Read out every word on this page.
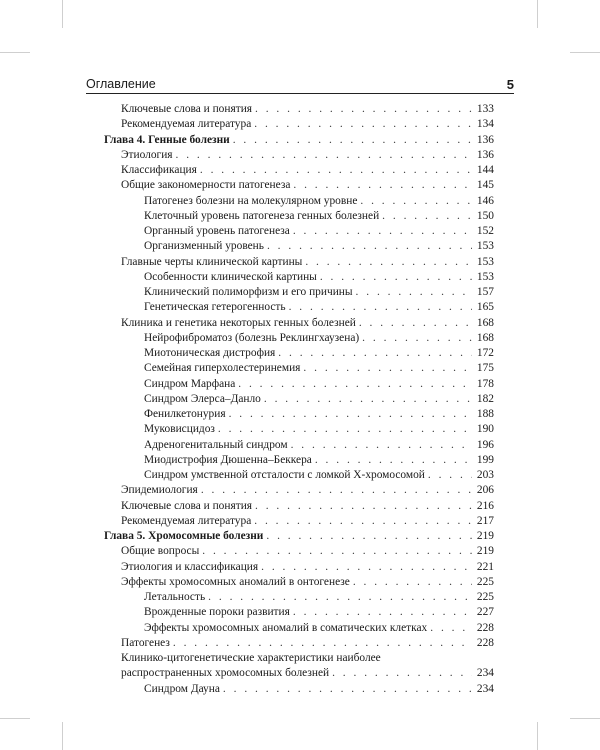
Оглавление	5
Ключевые слова и понятия . . .	133
Рекомендуемая литература . . .	134
Глава 4. Генные болезни . . .	136
Этиология . . .	136
Классификация . . .	144
Общие закономерности патогенеза . . .	145
Патогенез болезни на молекулярном уровне . . .	146
Клеточный уровень патогенеза генных болезней . . .	150
Органный уровень патогенеза . . .	152
Организменный уровень . . .	153
Главные черты клинической картины . . .	153
Особенности клинической картины . . .	153
Клинический полиморфизм и его причины . . .	157
Генетическая гетерогенность . . .	165
Клиника и генетика некоторых генных болезней . . .	168
Нейрофиброматоз (болезнь Реклингхаузена) . . .	168
Миотоническая дистрофия . . .	172
Семейная гиперхолестеринемия . . .	175
Синдром Марфана . . .	178
Синдром Элерса–Данло . . .	182
Фенилкетонурия . . .	188
Муковисцидоз . . .	190
Адреногенитальный синдром . . .	196
Миодистрофия Дюшенна–Беккера . . .	199
Синдром умственной отсталости с ломкой Х-хромосомой . . .	203
Эпидемиология . . .	206
Ключевые слова и понятия . . .	216
Рекомендуемая литература . . .	217
Глава 5. Хромосомные болезни . . .	219
Общие вопросы . . .	219
Этиология и классификация . . .	221
Эффекты хромосомных аномалий в онтогенезе . . .	225
Летальность . . .	225
Врожденные пороки развития . . .	227
Эффекты хромосомных аномалий в соматических клетках . . .	228
Патогенез . . .	228
Клинико-цитогенетические характеристики наиболее
распространенных хромосомных болезней . . .	234
Синдром Дауна . . .	234
